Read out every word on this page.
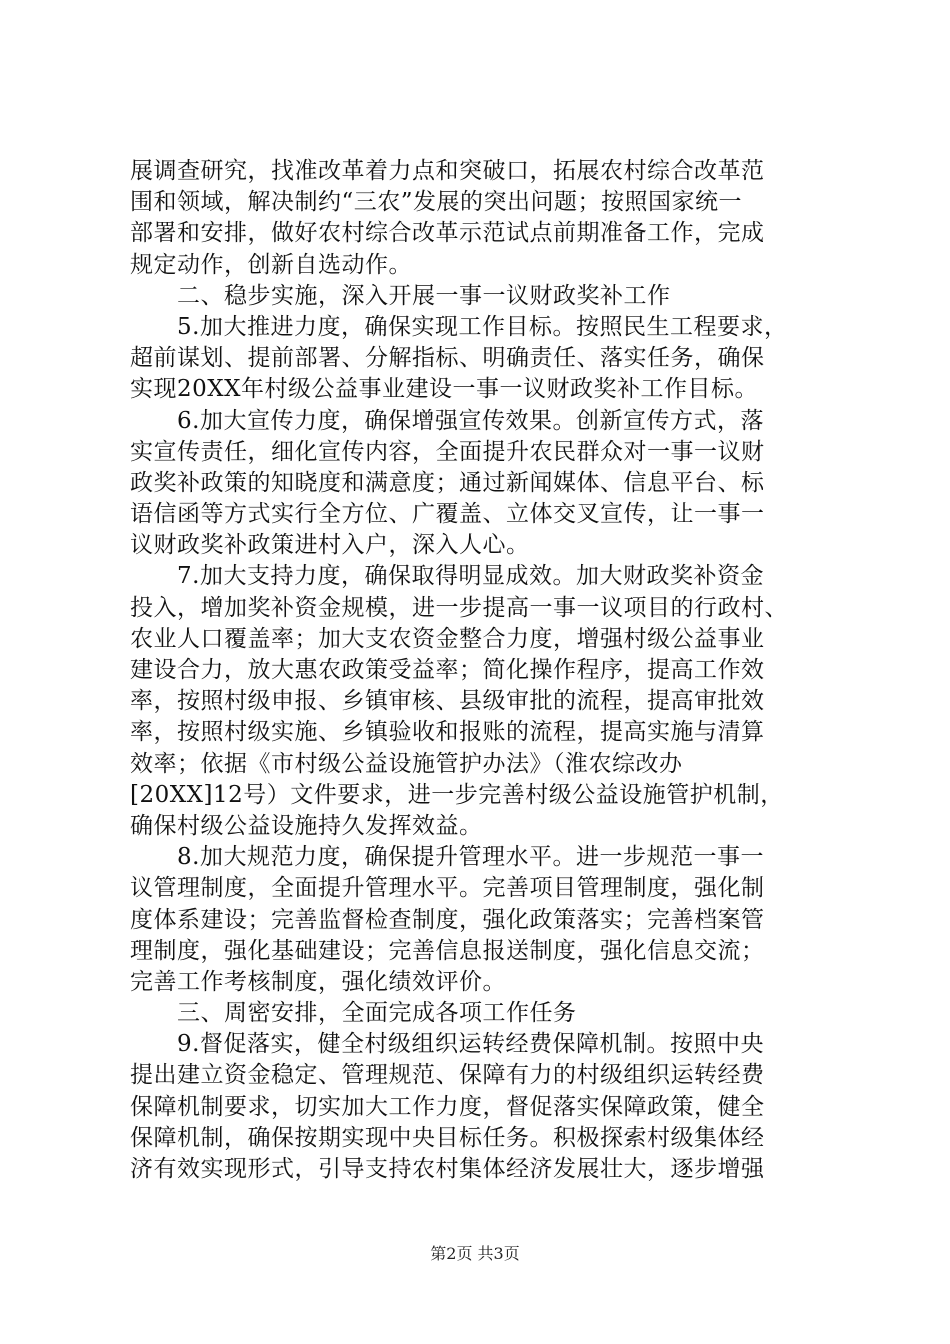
展调查研究，找准改革着力点和突破口，拓展农村综合改革范
围和领域，解决制约“三农”发展的突出问题；按照国家统一
部署和安排，做好农村综合改革示范试点前期准备工作，完成
规定动作，创新自选动作。
二、稳步实施，深入开展一事一议财政奖补工作
5.加大推进力度，确保实现工作目标。按照民生工程要求，
超前谋划、提前部署、分解指标、明确责任、落实任务，确保
实现20XX年村级公益事业建设一事一议财政奖补工作目标。
6.加大宣传力度，确保增强宣传效果。创新宣传方式，落
实宣传责任，细化宣传内容，全面提升农民群众对一事一议财
政奖补政策的知晓度和满意度；通过新闻媒体、信息平台、标
语信函等方式实行全方位、广覆盖、立体交叉宣传，让一事一
议财政奖补政策进村入户，深入人心。
7.加大支持力度，确保取得明显成效。加大财政奖补资金
投入，增加奖补资金规模，进一步提高一事一议项目的行政村、
农业人口覆盖率；加大支农资金整合力度，增强村级公益事业
建设合力，放大惠农政策受益率；简化操作程序，提高工作效
率，按照村级申报、乡镇审核、县级审批的流程，提高审批效
率，按照村级实施、乡镇验收和报账的流程，提高实施与清算
效率；依据《市村级公益设施管护办法》（淮农综改办
[20XX]12号）文件要求，进一步完善村级公益设施管护机制，
确保村级公益设施持久发挥效益。
8.加大规范力度，确保提升管理水平。进一步规范一事一
议管理制度，全面提升管理水平。完善项目管理制度，强化制
度体系建设；完善监督检查制度，强化政策落实；完善档案管
理制度，强化基础建设；完善信息报送制度，强化信息交流；
完善工作考核制度，强化绩效评价。
三、周密安排，全面完成各项工作任务
9.督促落实，健全村级组织运转经费保障机制。按照中央
提出建立资金稳定、管理规范、保障有力的村级组织运转经费
保障机制要求，切实加大工作力度，督促落实保障政策，健全
保障机制，确保按期实现中央目标任务。积极探索村级集体经
济有效实现形式，引导支持农村集体经济发展壮大，逐步增强
第2页 共3页
